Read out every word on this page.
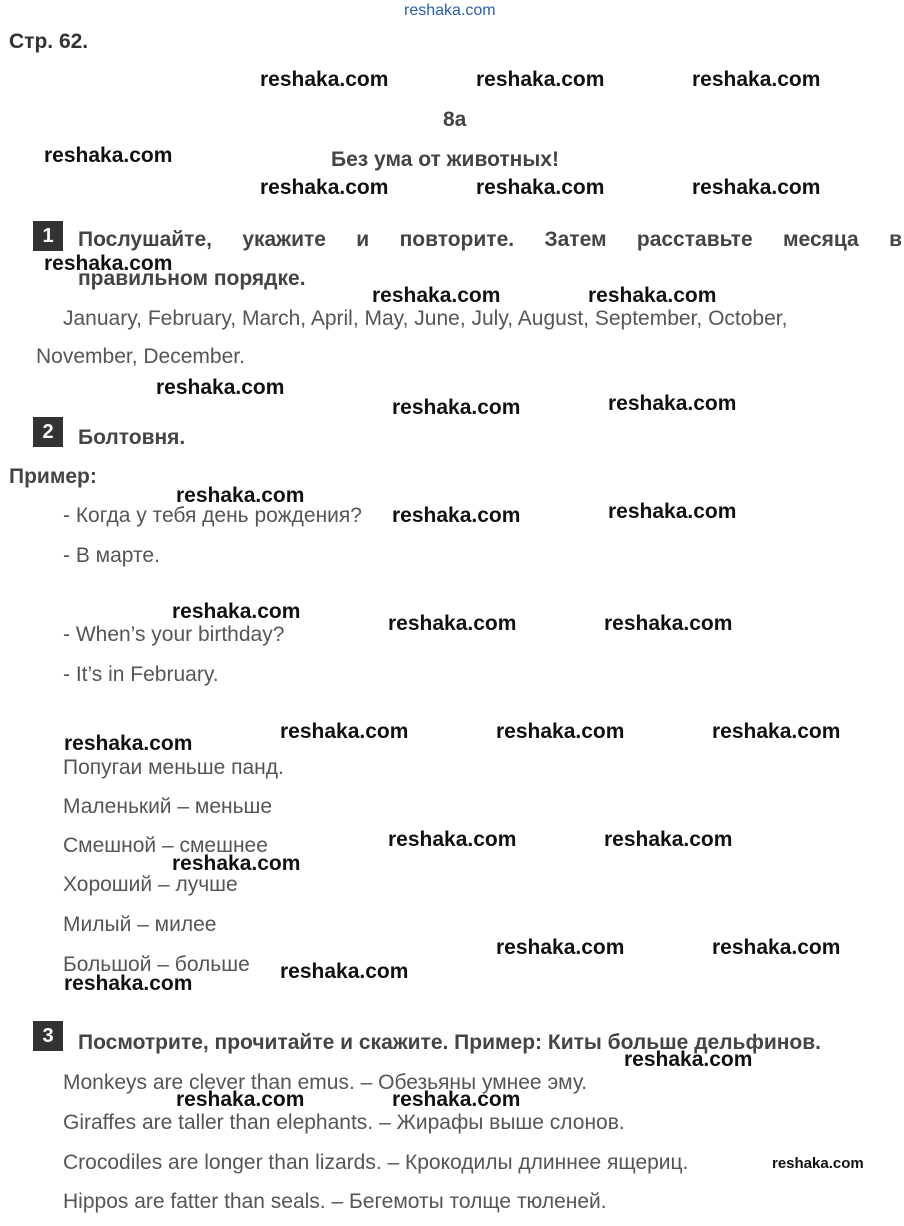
reshaka.com
Стр. 62.
8a
Без ума от животных!
1	Послушайте, укажите и повторите. Затем расставьте месяца в
правильном порядке.
January, February, March, April, May, June, July, August, September, October,
November, December.
2	Болтовня.
Пример:
- Когда у тебя день рождения?
- В марте.
- When’s your birthday?
- It’s in February.
Попугаи меньше панд.
Маленький – меньше
Смешной – смешнее
Хороший – лучше
Милый – милее
Большой – больше
3	Посмотрите, прочитайте и скажите. Пример: Киты больше дельфинов.
Monkeys are clever than emus. – Обезьяны умнее эму.
Giraffes are taller than elephants. – Жирафы выше слонов.
Crocodiles are longer than lizards. – Крокодилы длиннее ящериц.
Hippos are fatter than seals. – Бегемоты толще тюленей.
reshaka.com	reshaka.com	reshaka.com
reshaka.com
reshaka.com	reshaka.com	reshaka.com
reshaka.com
reshaka.com	reshaka.com
reshaka.com
reshaka.com	reshaka.com
reshaka.com
reshaka.com	reshaka.com
reshaka.com
reshaka.com	reshaka.com
reshaka.com	reshaka.com	reshaka.com
reshaka.com
reshaka.com	reshaka.com
reshaka.com
reshaka.com	reshaka.com
reshaka.com
reshaka.com
reshaka.com
reshaka.com	reshaka.com
reshaka.com
